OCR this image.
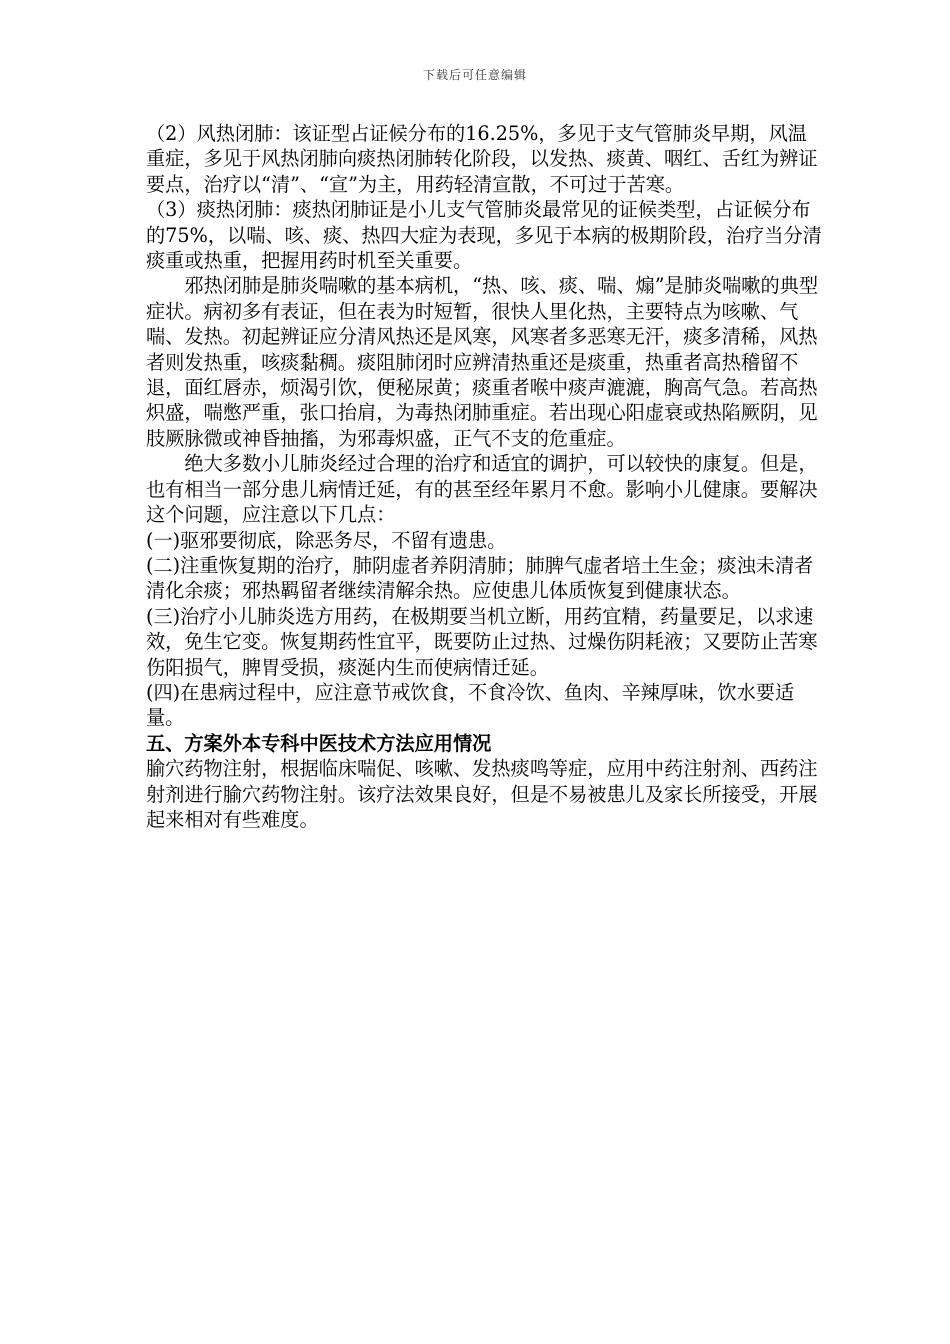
下载后可任意编辑

（2）风热闭肺：该证型占证候分布的16.25%，多见于支气管肺炎早期，风温重症，多见于风热闭肺向痰热闭肺转化阶段，以发热、痰黄、咽红、舌红为辨证要点，治疗以“清”、“宣”为主，用药轻清宣散，不可过于苦寒。

（3）痰热闭肺：痰热闭肺证是小儿支气管肺炎最常见的证候类型，占证候分布的75%，以喘、咳、痰、热四大症为表现，多见于本病的极期阶段，治疗当分清痰重或热重，把握用药时机至关重要。

邪热闭肺是肺炎喘嗽的基本病机，“热、咳、痰、喘、煽”是肺炎喘嗽的典型症状。病初多有表证，但在表为时短暂，很快人里化热，主要特点为咳嗽、气喘、发热。初起辨证应分清风热还是风寒，风寒者多恶寒无汗，痰多清稀，风热者则发热重，咳痰黏稠。痰阻肺闭时应辨清热重还是痰重，热重者高热稽留不退，面红唇赤，烦渴引饮，便秘尿黄；痰重者喉中痰声漉漉，胸高气急。若高热炽盛，喘憋严重，张口抬肩，为毒热闭肺重症。若出现心阳虚衰或热陷厥阴，见肢厥脉微或神昏抽搐，为邪毒炽盛，正气不支的危重症。

绝大多数小儿肺炎经过合理的治疗和适宜的调护，可以较快的康复。但是，也有相当一部分患儿病情迁延，有的甚至经年累月不愈。影响小儿健康。要解决这个问题，应注意以下几点：

(一)驱邪要彻底，除恶务尽，不留有遗患。

(二)注重恢复期的治疗，肺阴虚者养阴清肺；肺脾气虚者培土生金；痰浊未清者清化余痰；邪热羁留者继续清解余热。应使患儿体质恢复到健康状态。

(三)治疗小儿肺炎选方用药，在极期要当机立断，用药宜精，药量要足，以求速效，免生它变。恢复期药性宜平，既要防止过热、过燥伤阴耗液；又要防止苦寒伤阳损气，脾胃受损，痰涎内生而使病情迁延。

(四)在患病过程中，应注意节戒饮食，不食冷饮、鱼肉、辛辣厚味，饮水要适量。

五、方案外本专科中医技术方法应用情况

腧穴药物注射，根据临床喘促、咳嗽、发热痰鸣等症，应用中药注射剂、西药注射剂进行腧穴药物注射。该疗法效果良好，但是不易被患儿及家长所接受，开展起来相对有些难度。
